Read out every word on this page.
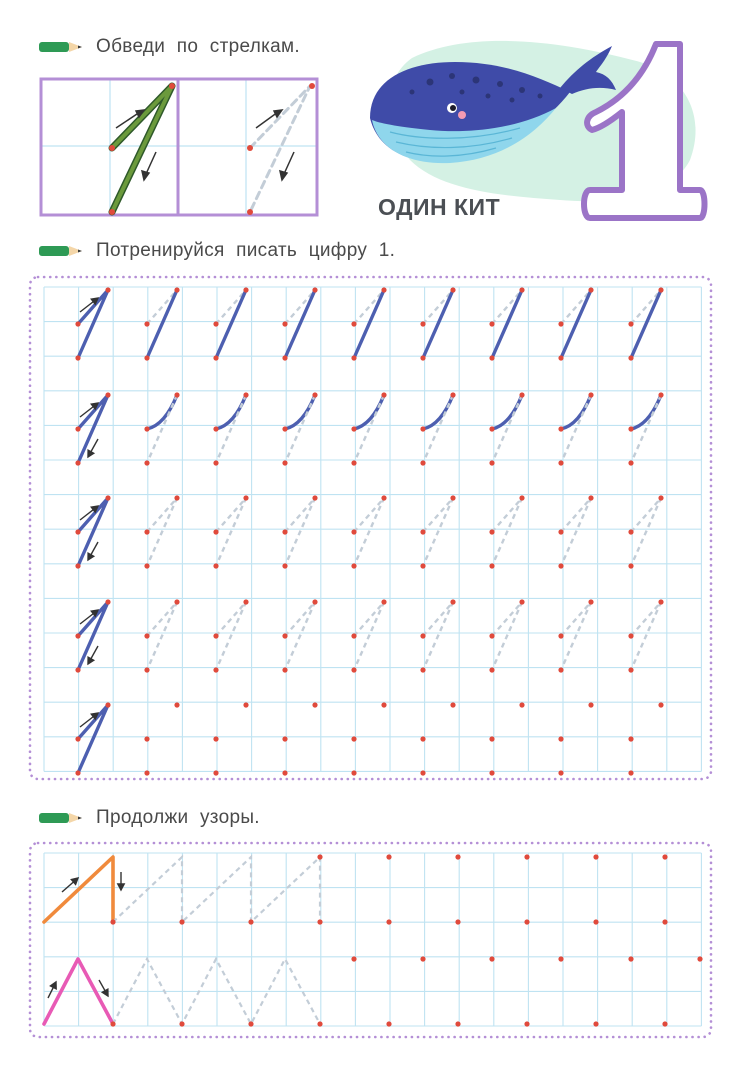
Обведи по стрелкам.
Потренируйся писать цифру 1.
Продолжи узоры.
ОДИН КИТ
